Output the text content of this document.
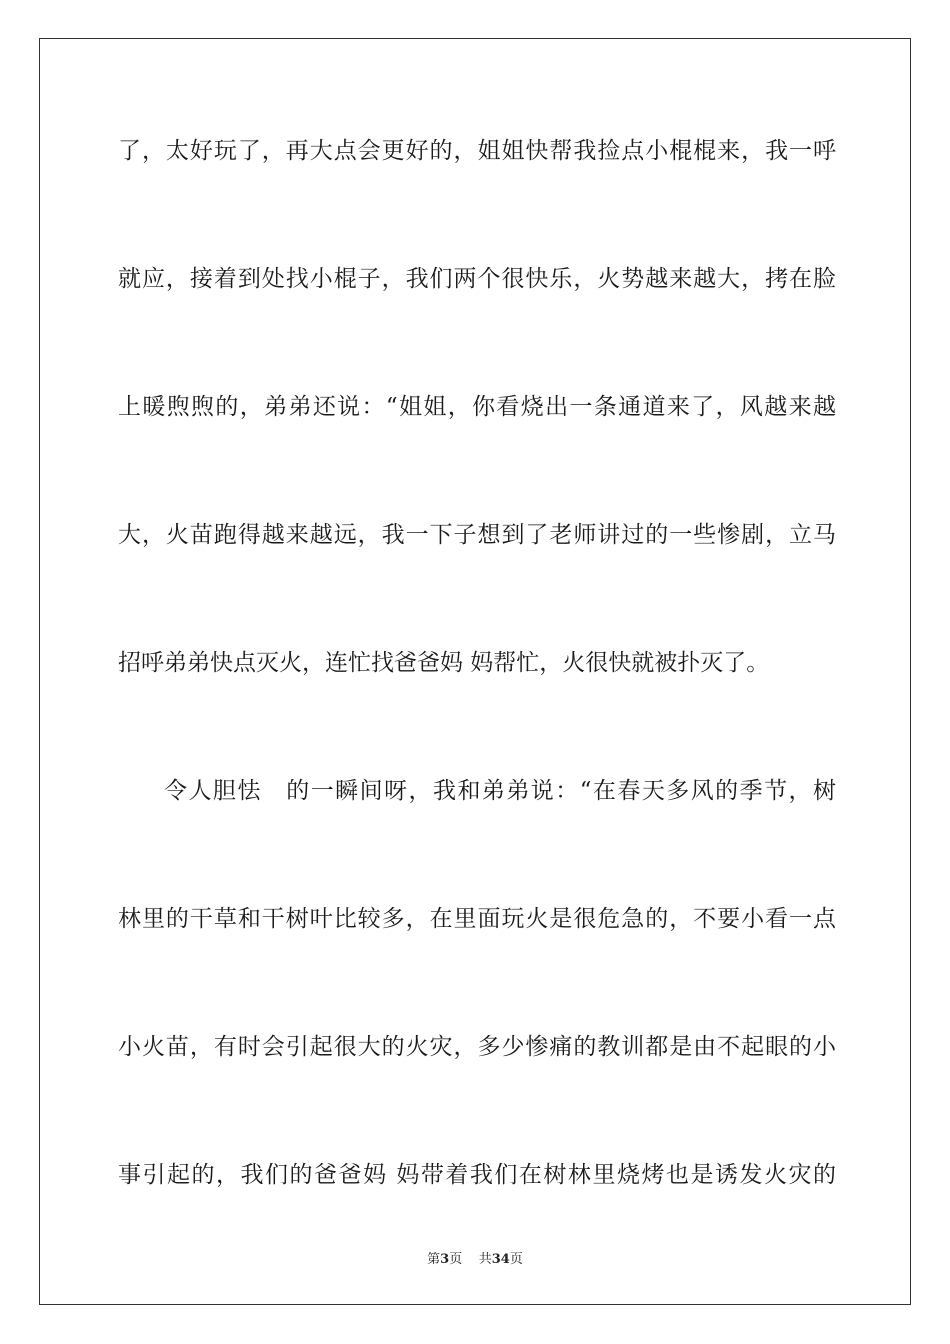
了，太好玩了，再大点会更好的，姐姐快帮我捡点小棍棍来，我一呼
就应，接着到处找小棍子，我们两个很快乐，火势越来越大，拷在脸
上暖煦煦的，弟弟还说：“姐姐，你看烧出一条通道来了，风越来越
大，火苗跑得越来越远，我一下子想到了老师讲过的一些惨剧，立马
招呼弟弟快点灭火，连忙找爸爸妈 妈帮忙，火很快就被扑灭了。
令人胆怯　的一瞬间呀，我和弟弟说：“在春天多风的季节，树
林里的干草和干树叶比较多，在里面玩火是很危急的，不要小看一点
小火苗，有时会引起很大的火灾，多少惨痛的教训都是由不起眼的小
事引起的，我们的爸爸妈 妈带着我们在树林里烧烤也是诱发火灾的
第3页 共34页
